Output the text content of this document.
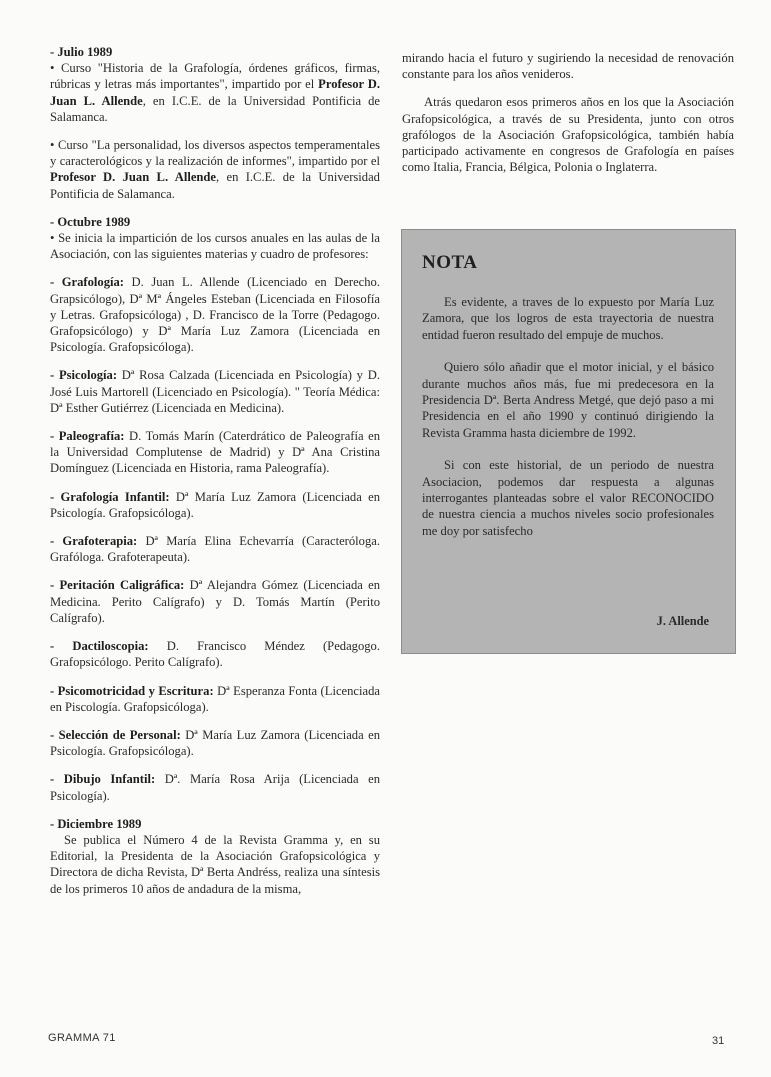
- Julio 1989

• Curso "Historia de la Grafología, órdenes gráficos, firmas, rúbricas y letras más importantes", impartido por el Profesor D. Juan L. Allende, en I.C.E. de la Universidad Pontificia de Salamanca.

• Curso "La personalidad, los diversos aspectos temperamentales y caracterológicos y la realización de informes", impartido por el Profesor D. Juan L. Allende, en I.C.E. de la Universidad Pontificia de Salamanca.

- Octubre 1989

• Se inicia la impartición de los cursos anuales en las aulas de la Asociación, con las siguientes materias y cuadro de profesores:

- Grafología: D. Juan L. Allende (Licenciado en Derecho. Grapsicólogo), Dª Mª Ángeles Esteban (Licenciada en Filosofía y Letras. Grafopsicóloga) , D. Francisco de la Torre (Pedagogo. Grafopsicólogo) y Dª María Luz Zamora (Licenciada en Psicología. Grafopsicóloga).

- Psicología: Dª Rosa Calzada (Licenciada en Psicología) y D. José Luis Martorell (Licenciado en Psicología). " Teoría Médica: Dª Esther Gutiérrez (Licenciada en Medicina).

- Paleografía: D. Tomás Marín (Caterdrático de Paleografía en la Universidad Complutense de Madrid) y Dª Ana Cristina Domínguez (Licenciada en Historia, rama Paleografía).

- Grafología Infantil: Dª María Luz Zamora (Licenciada en Psicología. Grafopsicóloga).

- Grafoterapia: Dª María Elina Echevarría (Caracteróloga. Grafóloga. Grafoterapeuta).

- Peritación Caligráfica: Dª Alejandra Gómez (Licenciada en Medicina. Perito Calígrafo) y D. Tomás Martín (Perito Calígrafo).

- Dactiloscopia: D. Francisco Méndez (Pedagogo. Grafopsicólogo. Perito Calígrafo).

- Psicomotricidad y Escritura: Dª Esperanza Fonta (Licenciada en Piscología. Grafopsicóloga).

- Selección de Personal: Dª María Luz Zamora (Licenciada en Psicología. Grafopsicóloga).

- Dibujo Infantil: Dª. María Rosa Arija (Licenciada en Psicología).

- Diciembre 1989

Se publica el Número 4 de la Revista Gramma y, en su Editorial, la Presidenta de la Asociación Grafopsicológica y Directora de dicha Revista, Dª Berta Andréss, realiza una síntesis de los primeros 10 años de andadura de la misma,

mirando hacia el futuro y sugiriendo la necesidad de renovación constante para los años venideros.

Atrás quedaron esos primeros años en los que la Asociación Grafopsicológica, a través de su Presidenta, junto con otros grafólogos de la Asociación Grafopsicológica, también había participado activamente en congresos de Grafología en países como Italia, Francia, Bélgica, Polonia o Inglaterra.

NOTA

Es evidente, a traves de lo expuesto por María Luz Zamora, que los logros de esta trayectoria de nuestra entidad fueron resultado del empuje de muchos.

Quiero sólo añadir que el motor inicial, y el básico durante muchos años más, fue mi predecesora en la Presidencia Dª. Berta Andress Metgé, que dejó paso a mi Presidencia en el año 1990 y continuó dirigiendo la Revista Gramma hasta diciembre de 1992.

Si con este historial, de un periodo de nuestra Asociacion, podemos dar respuesta a algunas interrogantes planteadas sobre el valor RECONOCIDO de nuestra ciencia a muchos niveles socio profesionales me doy por satisfecho

J. Allende
GRAMMA 71	31
